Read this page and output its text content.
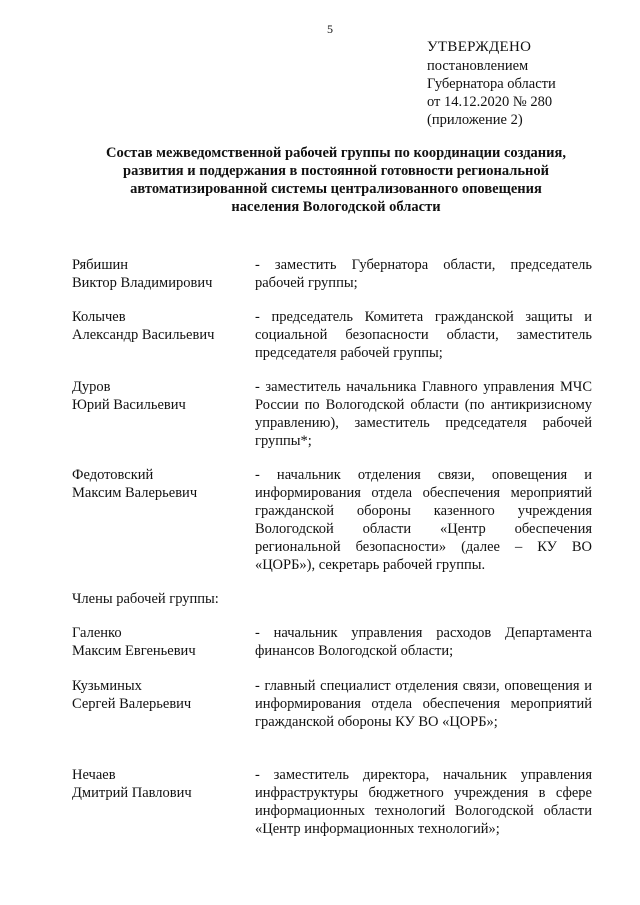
5
УТВЕРЖДЕНО
постановлением
Губернатора области
от 14.12.2020 № 280
(приложение 2)
Состав межведомственной рабочей группы по координации создания,
развития и поддержания в постоянной готовности региональной
автоматизированной системы централизованного оповещения
населения Вологодской области
Рябишин
Виктор Владимирович
- заместить Губернатора области, председатель рабочей группы;
Колычев
Александр Васильевич
- председатель Комитета гражданской защиты и социальной безопасности области, заместитель председателя рабочей группы;
Дуров
Юрий Васильевич
- заместитель начальника Главного управления МЧС России по Вологодской области (по антикризисному управлению), заместитель председателя рабочей группы*;
Федотовский
Максим Валерьевич
- начальник отделения связи, оповещения и информирования отдела обеспечения мероприятий гражданской обороны казенного учреждения Вологодской области «Центр обеспечения региональной безопасности» (далее – КУ ВО «ЦОРБ»), секретарь рабочей группы.
Члены рабочей группы:
Галенко
Максим Евгеньевич
- начальник управления расходов Департамента финансов Вологодской области;
Кузьминых
Сергей Валерьевич
- главный специалист отделения связи, оповещения и информирования отдела обеспечения мероприятий гражданской обороны КУ ВО «ЦОРБ»;
Нечаев
Дмитрий Павлович
- заместитель директора, начальник управления инфраструктуры бюджетного учреждения в сфере информационных технологий Вологодской области «Центр информационных технологий»;
